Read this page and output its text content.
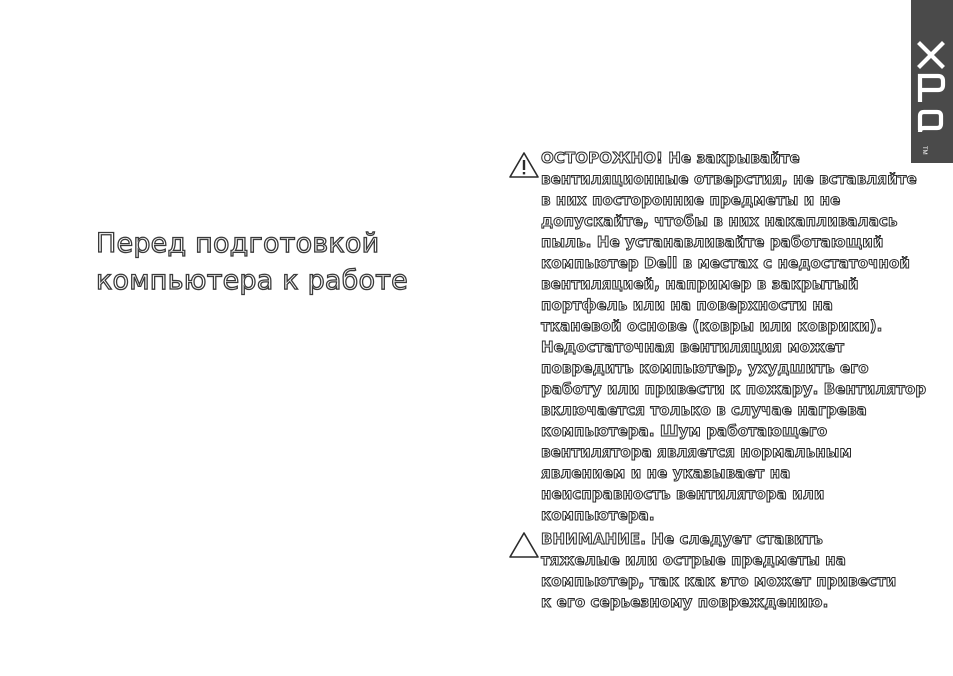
Перед подготовкой
компьютера к работе
ОСТОРОЖНО! Не закрывайте
вентиляционные отверстия, не вставляйте
в них посторонние предметы и не
допускайте, чтобы в них накапливалась
пыль. Не устанавливайте работающий
компьютер Dell в местах с недостаточной
вентиляцией, например в закрытый
портфель или на поверхности на
тканевой основе (ковры или коврики).
Недостаточная вентиляция может
повредить компьютер, ухудшить его
работу или привести к пожару. Вентилятор
включается только в случае нагрева
компьютера. Шум работающего
вентилятора является нормальным
явлением и не указывает на
неисправность вентилятора или
компьютера.
ВНИМАНИЕ. Не следует ставить
тяжелые или острые предметы на
компьютер, так как это может привести
к его серьезному повреждению.
TM
